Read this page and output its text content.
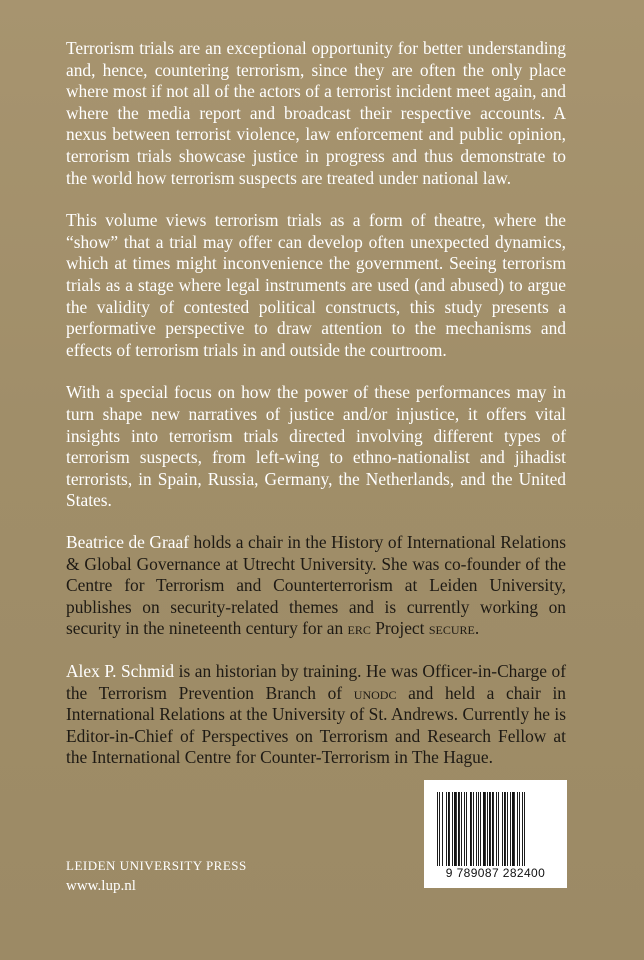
Terrorism trials are an exceptional opportunity for better understanding and, hence, countering terrorism, since they are often the only place where most if not all of the actors of a terrorist incident meet again, and where the media report and broadcast their respective accounts. A nexus between terrorist violence, law enforcement and public opinion, terrorism trials showcase justice in progress and thus demonstrate to the world how terrorism suspects are treated under national law.

This volume views terrorism trials as a form of theatre, where the “show” that a trial may offer can develop often unexpected dynamics, which at times might inconvenience the government. Seeing terrorism trials as a stage where legal instruments are used (and abused) to argue the validity of contested political constructs, this study presents a performative perspective to draw attention to the mechanisms and effects of terrorism trials in and outside the courtroom.

With a special focus on how the power of these performances may in turn shape new narratives of justice and/or injustice, it offers vital insights into terrorism trials directed involving different types of terrorism suspects, from left-wing to ethno-nationalist and jihadist terrorists, in Spain, Russia, Germany, the Netherlands, and the United States.

Beatrice de Graaf holds a chair in the History of International Relations & Global Governance at Utrecht University. She was co-founder of the Centre for Terrorism and Counterterrorism at Leiden University, publishes on security-related themes and is currently working on security in the nineteenth century for an erc Project secure.
Alex P. Schmid is an historian by training. He was Officer-in-Charge of the Terrorism Prevention Branch of unodc and held a chair in International Relations at the University of St. Andrews. Currently he is Editor-in-Chief of Perspectives on Terrorism and Research Fellow at the International Centre for Counter-Terrorism in The Hague.
LEIDEN UNIVERSITY PRESS
www.lup.nl
9 789087 282400
